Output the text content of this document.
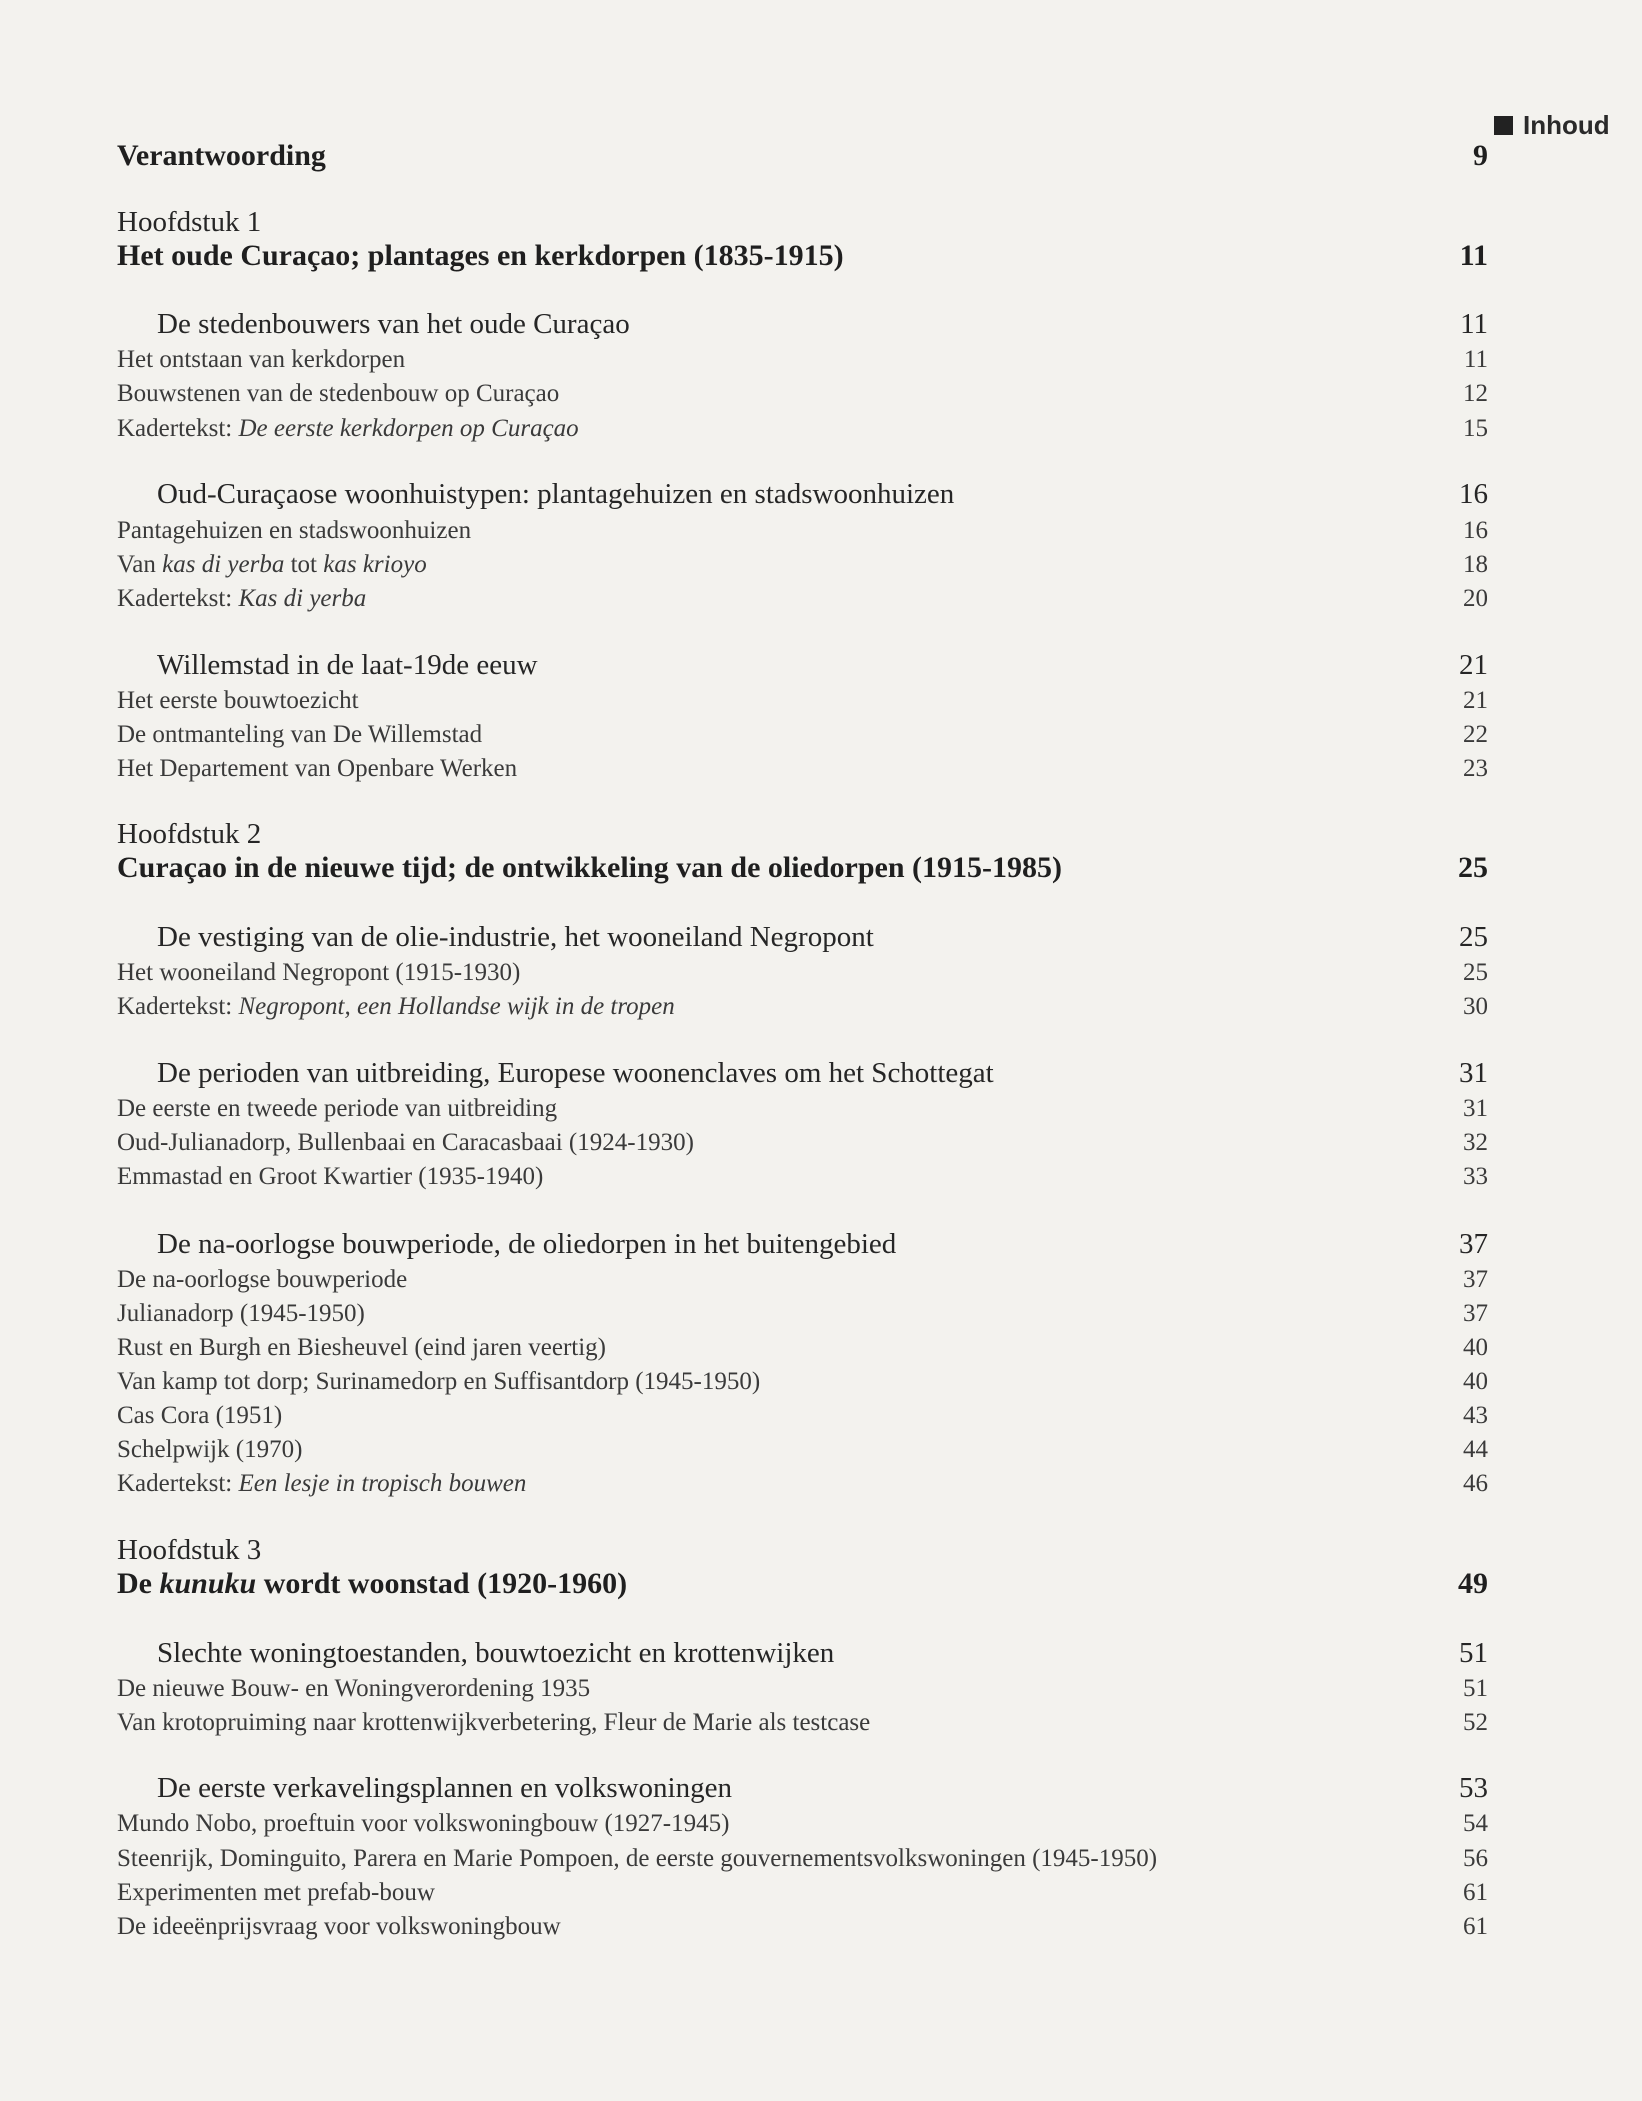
Inhoud
Verantwoording	9
Hoofdstuk 1
Het oude Curaçao; plantages en kerkdorpen (1835-1915)	11
De stedenbouwers van het oude Curaçao	11
Het ontstaan van kerkdorpen	11
Bouwstenen van de stedenbouw op Curaçao	12
Kadertekst: De eerste kerkdorpen op Curaçao	15
Oud-Curaçaose woonhuistypen: plantagehuizen en stadswoonhuizen	16
Pantagehuizen en stadswoonhuizen	16
Van kas di yerba tot kas krioyo	18
Kadertekst: Kas di yerba	20
Willemstad in de laat-19de eeuw	21
Het eerste bouwtoezicht	21
De ontmanteling van De Willemstad	22
Het Departement van Openbare Werken	23
Hoofdstuk 2
Curaçao in de nieuwe tijd; de ontwikkeling van de oliedorpen (1915-1985)	25
De vestiging van de olie-industrie, het wooneiland Negropont	25
Het wooneiland Negropont (1915-1930)	25
Kadertekst: Negropont, een Hollandse wijk in de tropen	30
De perioden van uitbreiding, Europese woonenclaves om het Schottegat	31
De eerste en tweede periode van uitbreiding	31
Oud-Julianadorp, Bullenbaai en Caracasbaai (1924-1930)	32
Emmastad en Groot Kwartier (1935-1940)	33
De na-oorlogse bouwperiode, de oliedorpen in het buitengebied	37
De na-oorlogse bouwperiode	37
Julianadorp (1945-1950)	37
Rust en Burgh en Biesheuvel (eind jaren veertig)	40
Van kamp tot dorp; Surinamedorp en Suffisantdorp (1945-1950)	40
Cas Cora (1951)	43
Schelpwijk (1970)	44
Kadertekst: Een lesje in tropisch bouwen	46
Hoofdstuk 3
De kunuku wordt woonstad (1920-1960)	49
Slechte woningtoestanden, bouwtoezicht en krottenwijken	51
De nieuwe Bouw- en Woningverordening 1935	51
Van krotopruiming naar krottenwijkverbetering, Fleur de Marie als testcase	52
De eerste verkavelingsplannen en volkswoningen	53
Mundo Nobo, proeftuin voor volkswoningbouw (1927-1945)	54
Steenrijk, Dominguito, Parera en Marie Pompoen, de eerste gouvernementsvolkswoningen (1945-1950)	56
Experimenten met prefab-bouw	61
De ideeënprijsvraag voor volkswoningbouw	61
